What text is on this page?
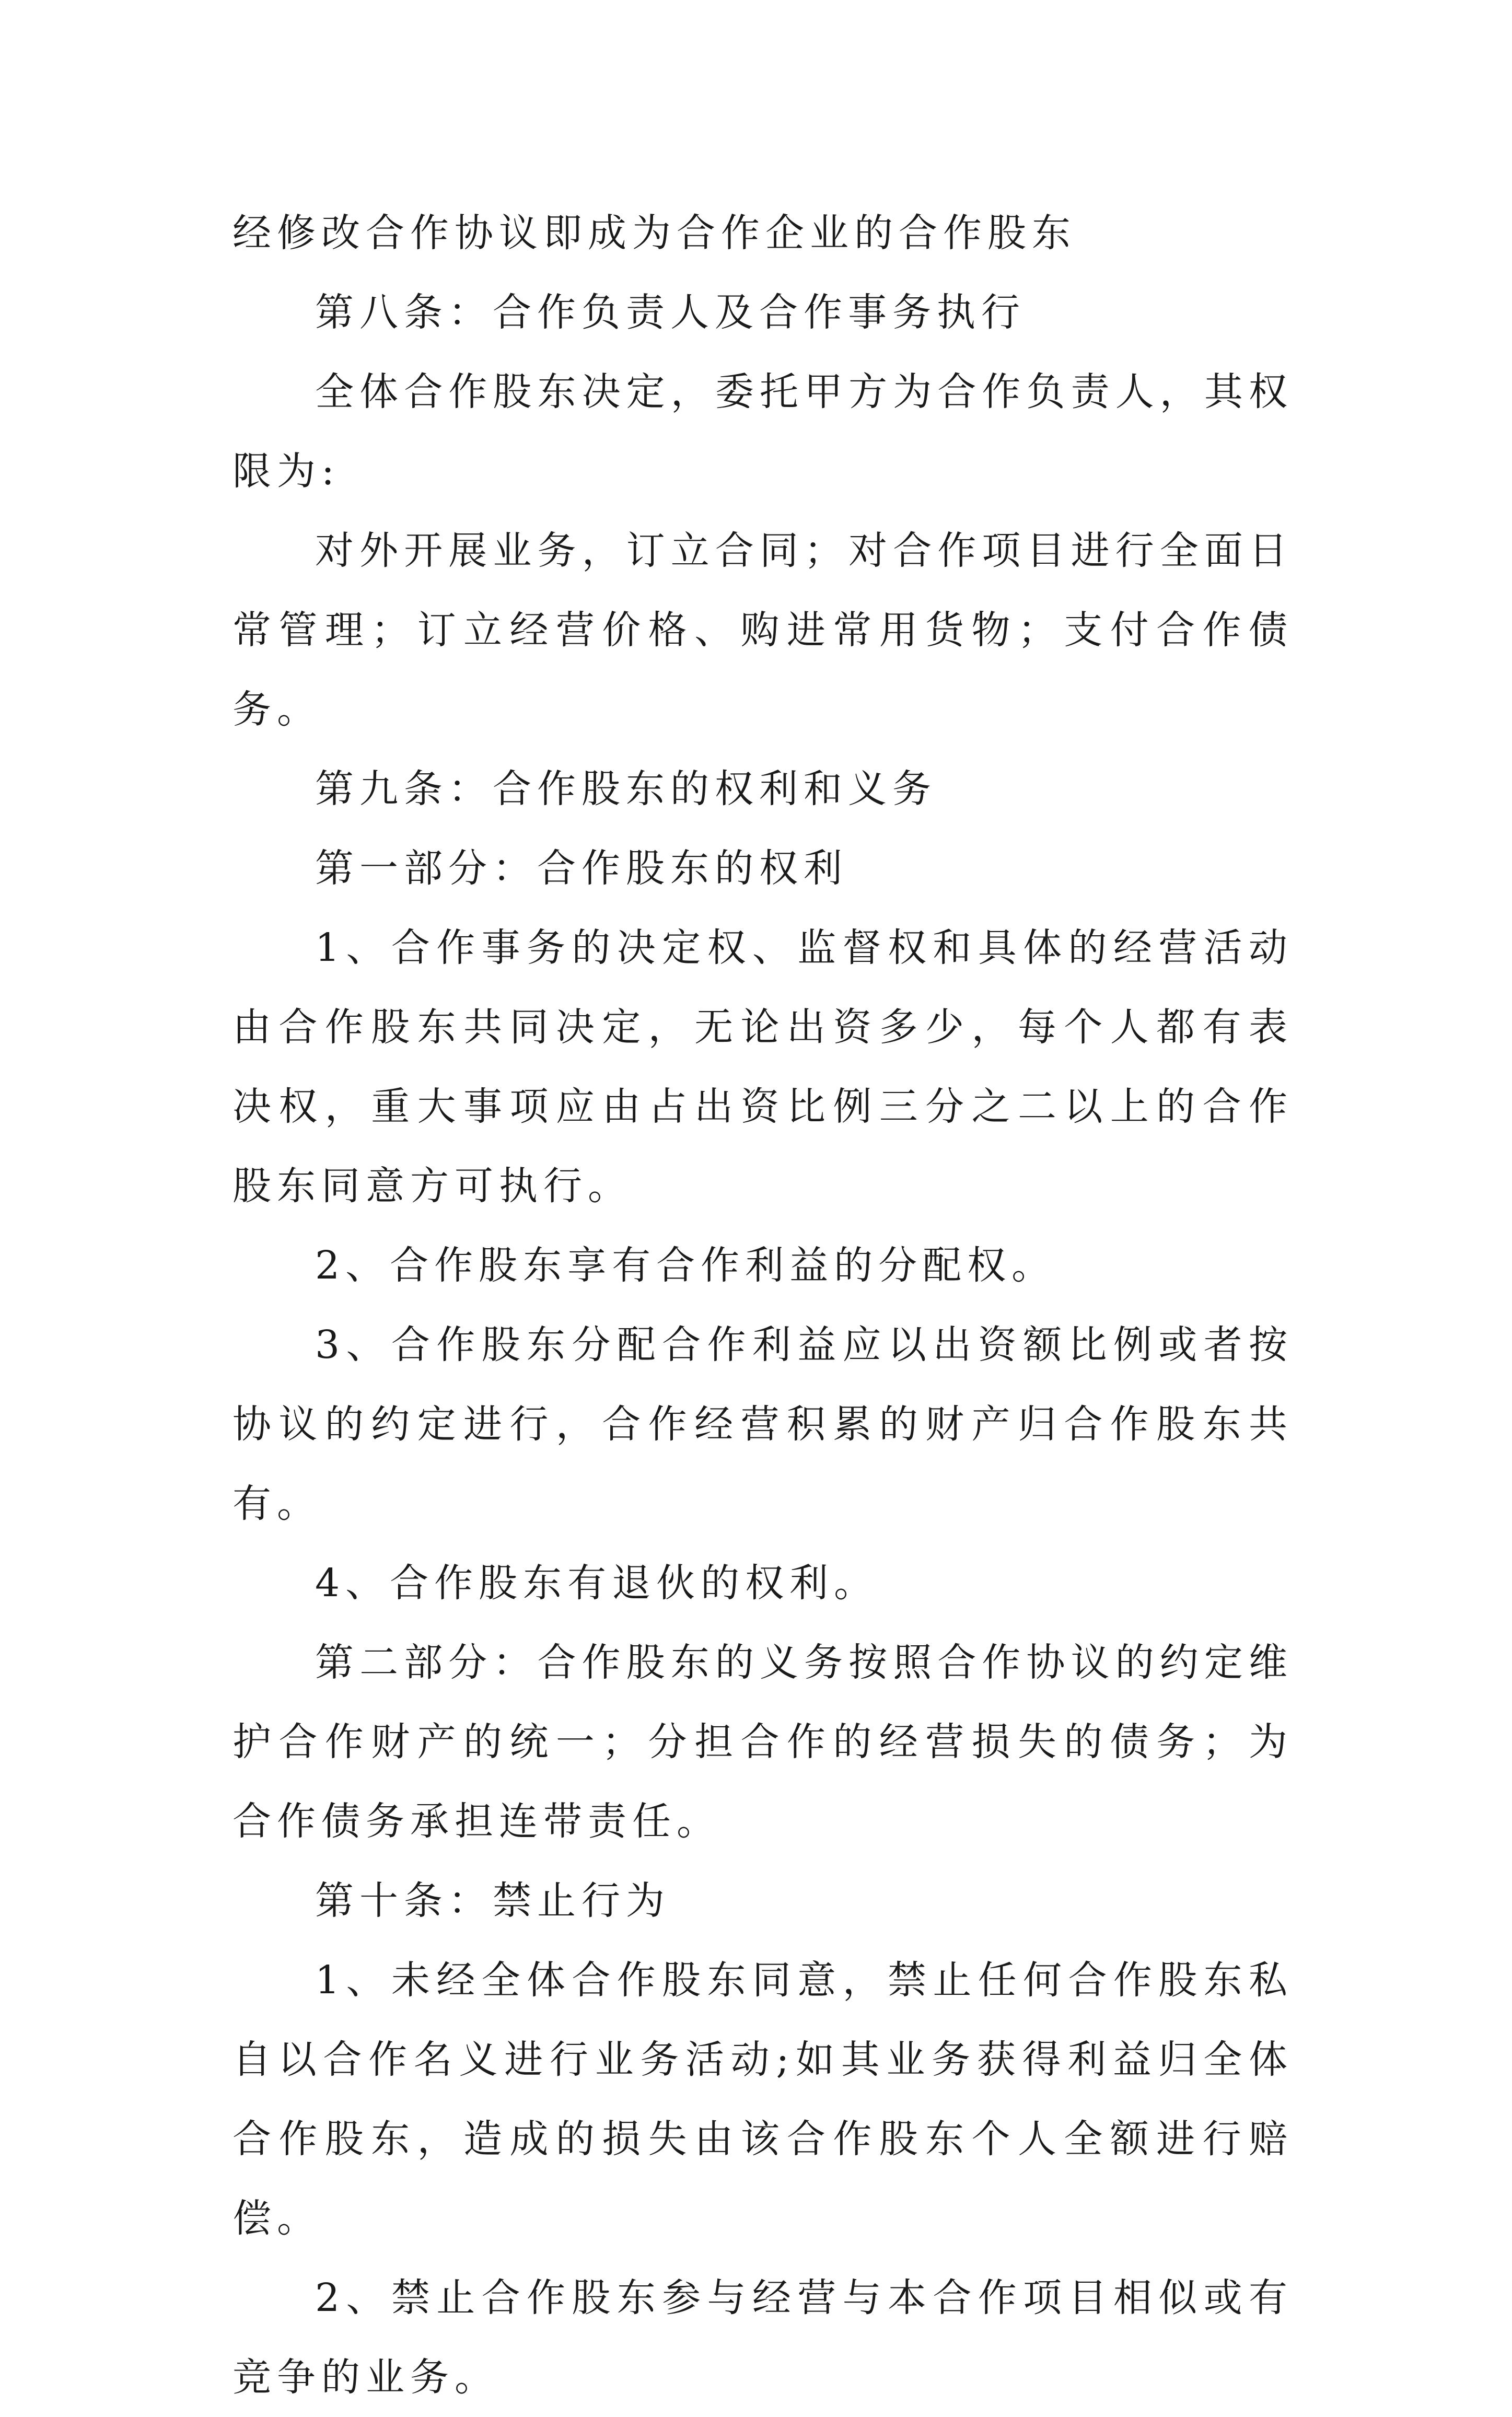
经修改合作协议即成为合作企业的合作股东

第八条：合作负责人及合作事务执行

全体合作股东决定，委托甲方为合作负责人，其权限为:

对外开展业务，订立合同；对合作项目进行全面日常管理；订立经营价格、购进常用货物；支付合作债务。

第九条：合作股东的权利和义务

第一部分：合作股东的权利

1、合作事务的决定权、监督权和具体的经营活动由合作股东共同决定，无论出资多少，每个人都有表决权，重大事项应由占出资比例三分之二以上的合作股东同意方可执行。

2、合作股东享有合作利益的分配权。

3、合作股东分配合作利益应以出资额比例或者按协议的约定进行，合作经营积累的财产归合作股东共有。

4、合作股东有退伙的权利。

第二部分：合作股东的义务按照合作协议的约定维护合作财产的统一；分担合作的经营损失的债务；为合作债务承担连带责任。

第十条：禁止行为

1、未经全体合作股东同意，禁止任何合作股东私自以合作名义进行业务活动;如其业务获得利益归全体合作股东，造成的损失由该合作股东个人全额进行赔偿。

2、禁止合作股东参与经营与本合作项目相似或有竞争的业务。
